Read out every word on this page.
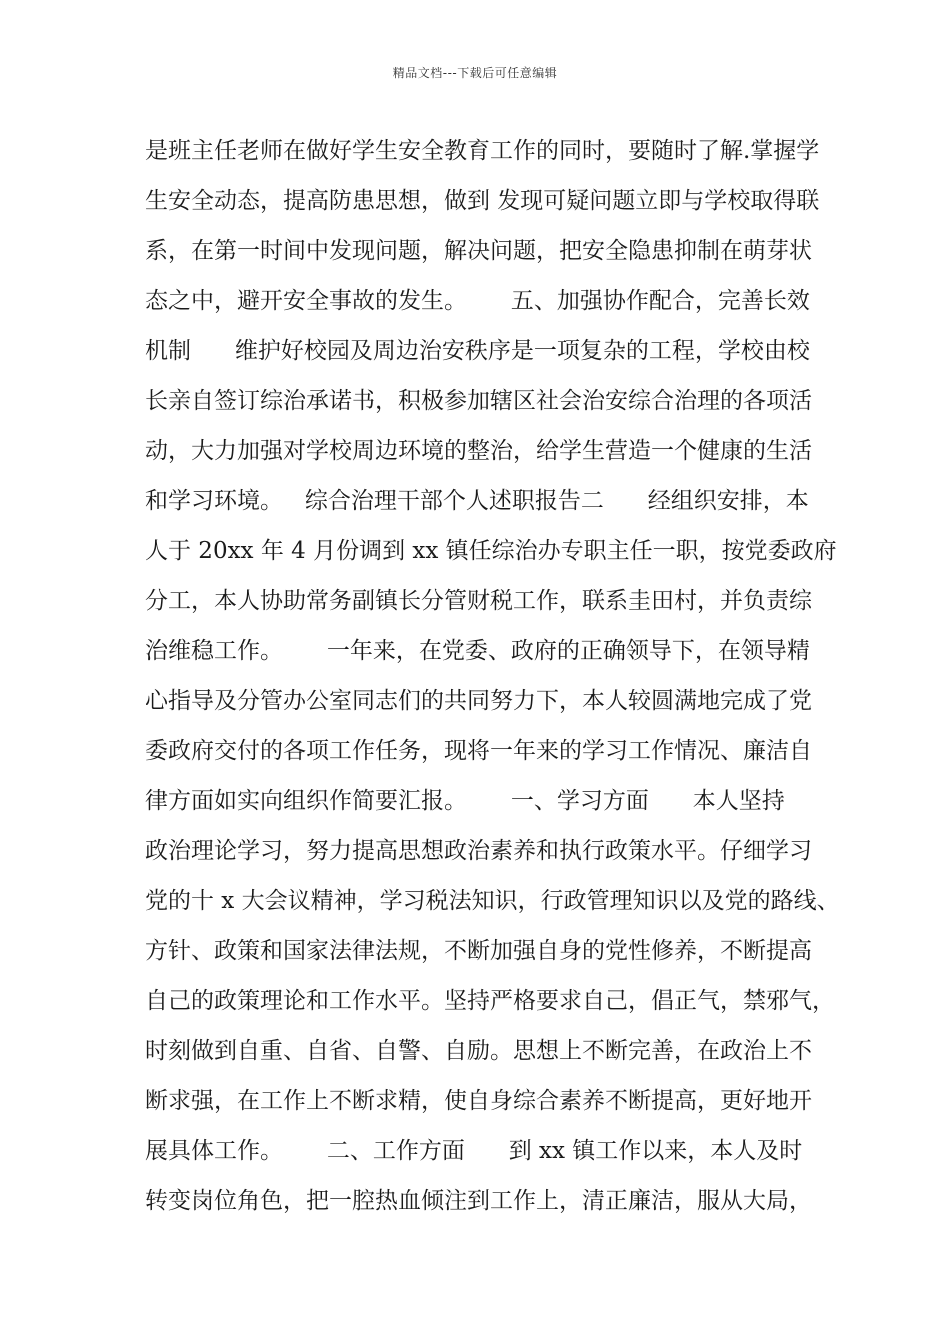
精品文档---下载后可任意编辑
是班主任老师在做好学生安全教育工作的同时，要随时了解.掌握学
生安全动态，提高防患思想，做到 发现可疑问题立即与学校取得联
系，在第一时间中发现问题，解决问题，把安全隐患抑制在萌芽状
态之中，避开安全事故的发生。      五、加强协作配合，完善长效
机制      维护好校园及周边治安秩序是一项复杂的工程，学校由校
长亲自签订综治承诺书，积极参加辖区社会治安综合治理的各项活
动，大力加强对学校周边环境的整治，给学生营造一个健康的生活
和学习环境。   综合治理干部个人述职报告二      经组织安排，本
人于 20xx 年 4 月份调到 xx 镇任综治办专职主任一职，按党委政府
分工，本人协助常务副镇长分管财税工作，联系圭田村，并负责综
治维稳工作。      一年来，在党委、政府的正确领导下，在领导精
心指导及分管办公室同志们的共同努力下，本人较圆满地完成了党
委政府交付的各项工作任务，现将一年来的学习工作情况、廉洁自
律方面如实向组织作简要汇报。      一、学习方面      本人坚持
政治理论学习，努力提高思想政治素养和执行政策水平。仔细学习
党的十 x 大会议精神，学习税法知识，行政管理知识以及党的路线、
方针、政策和国家法律法规，不断加强自身的党性修养，不断提高
自己的政策理论和工作水平。坚持严格要求自己，倡正气，禁邪气，
时刻做到自重、自省、自警、自励。思想上不断完善，在政治上不
断求强，在工作上不断求精，使自身综合素养不断提高，更好地开
展具体工作。      二、工作方面      到 xx 镇工作以来，本人及时
转变岗位角色，把一腔热血倾注到工作上，清正廉洁，服从大局，
